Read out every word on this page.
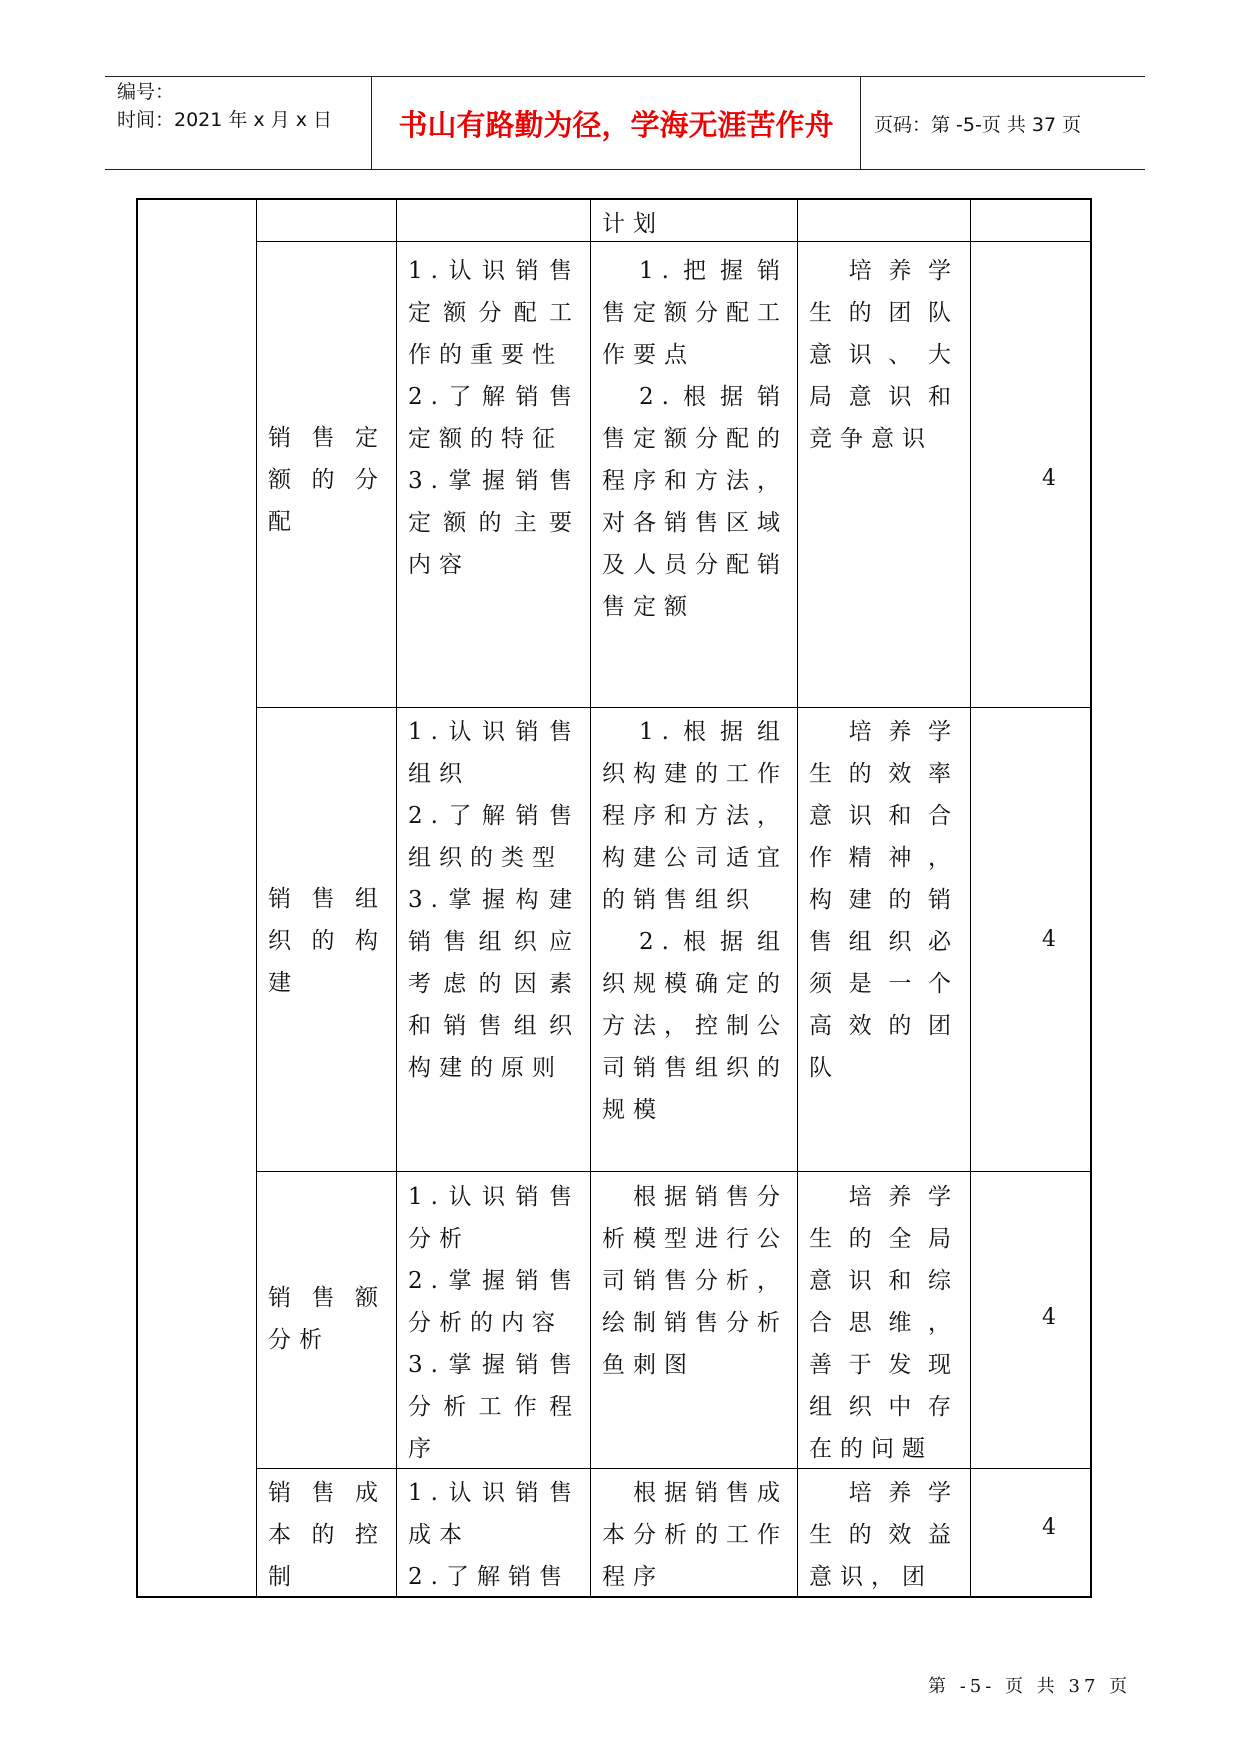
编号：
时间：2021 年 x 月 x 日	书山有路勤为径，学海无涯苦作舟	页码：第 -5-页 共 37 页
计划
销售定额的分配
1.认识销售定额分配工作的重要性
2.了解销售定额的特征
3.掌握销售定额的主要内容
　1.把握销售定额分配工作要点
　2.根据销售定额分配的程序和方法，对各销售区域及人员分配销售定额
　培养学生的团队意识、大局意识和竞争意识
4
销售组织的构建
1.认识销售组织
2.了解销售组织的类型
3.掌握构建销售组织应考虑的因素和销售组织构建的原则
　1.根据组织构建的工作程序和方法，构建公司适宜的销售组织
　2.根据组织规模确定的方法，控制公司销售组织的规模
　培养学生的效率意识和合作精神，构建的销售组织必须是一个高效的团队
4
销售额分析
1.认识销售分析
2.掌握销售分析的内容
3.掌握销售分析工作程序
　根据销售分析模型进行公司销售分析，绘制销售分析鱼刺图
　培养学生的全局意识和综合思维，善于发现组织中存在的问题
4
销售成本的控制
1.认识销售成本
2.了解销售
　根据销售成本分析的工作程序
　培养学生的效益意识，团
4
第 -5- 页 共 37 页
